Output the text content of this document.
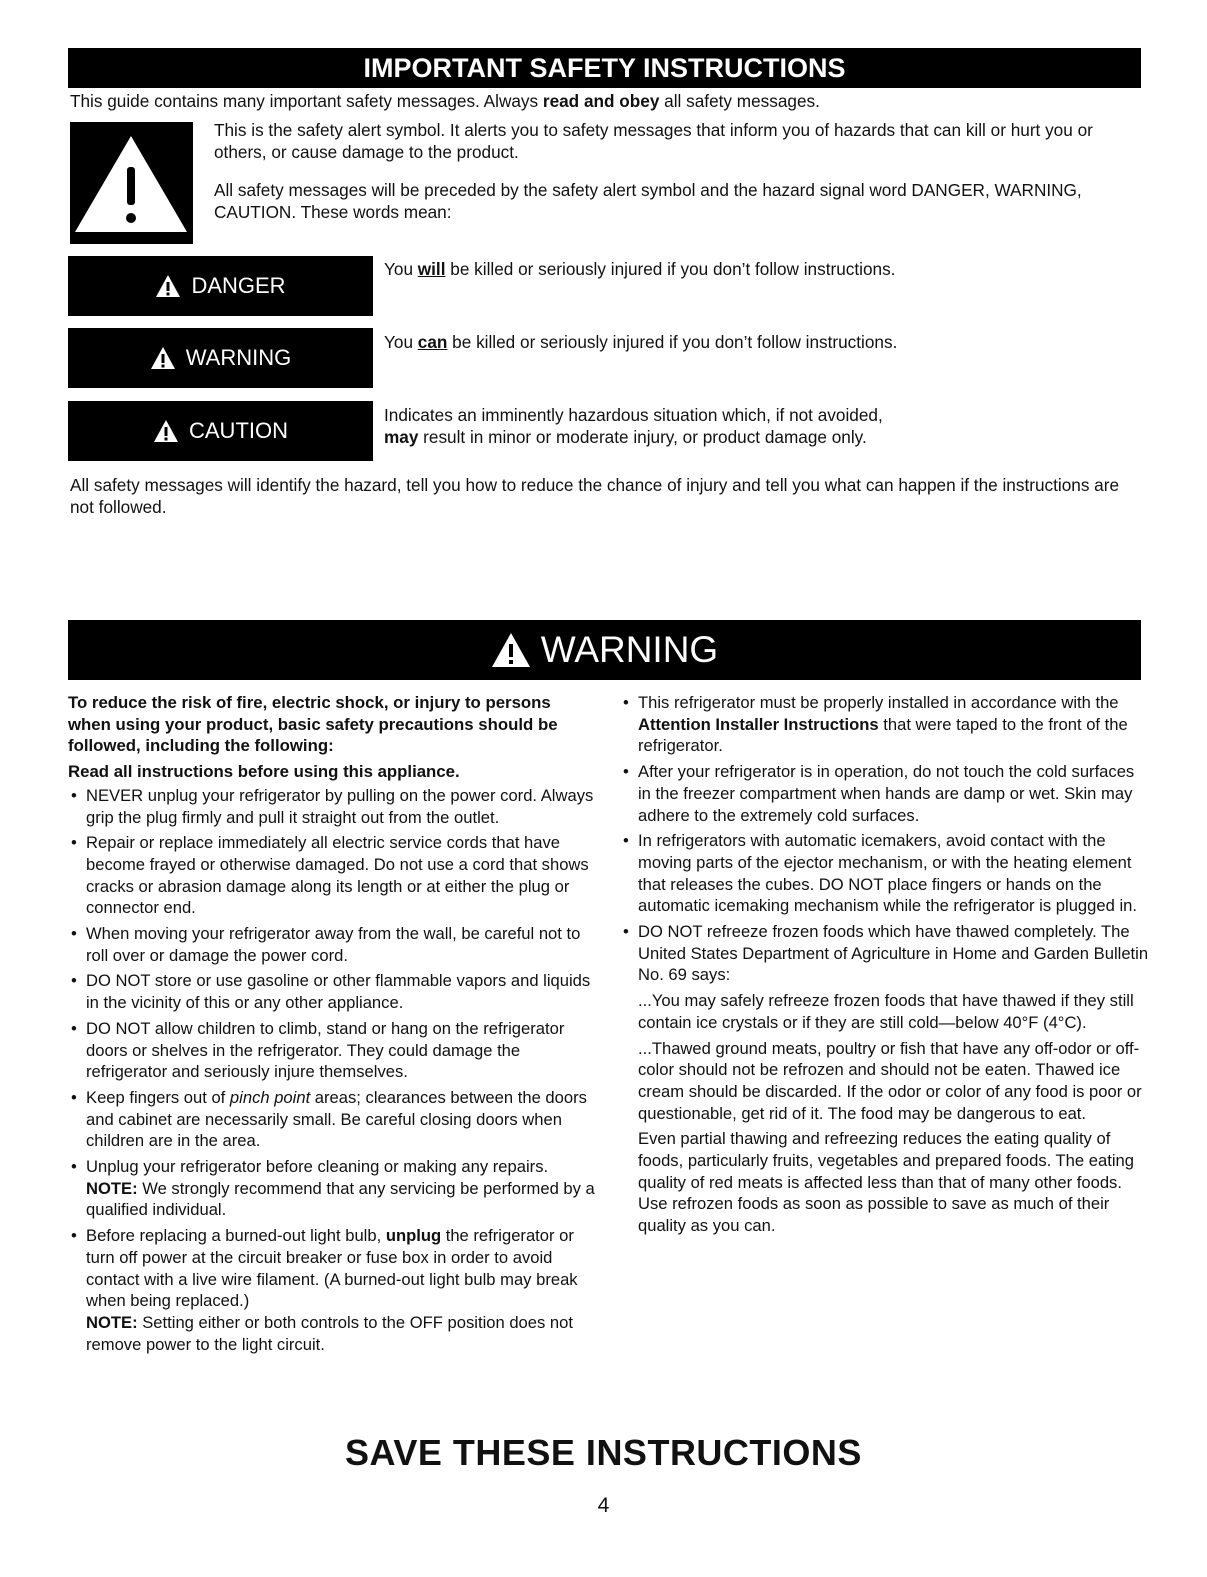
IMPORTANT SAFETY INSTRUCTIONS
This guide contains many important safety messages. Always read and obey all safety messages.
This is the safety alert symbol. It alerts you to safety messages that inform you of hazards that can kill or hurt you or others, or cause damage to the product.
All safety messages will be preceded by the safety alert symbol and the hazard signal word DANGER, WARNING, CAUTION. These words mean:
DANGER
You will be killed or seriously injured if you don’t follow instructions.
WARNING
You can be killed or seriously injured if you don’t follow instructions.
CAUTION
Indicates an imminently hazardous situation which, if not avoided,
may result in minor or moderate injury, or product damage only.
All safety messages will identify the hazard, tell you how to reduce the chance of injury and tell you what can happen if the instructions are not followed.
WARNING
To reduce the risk of fire, electric shock, or injury to persons when using your product, basic safety precautions should be followed, including the following:
Read all instructions before using this appliance.
• NEVER unplug your refrigerator by pulling on the power cord. Always grip the plug firmly and pull it straight out from the outlet.
• Repair or replace immediately all electric service cords that have become frayed or otherwise damaged. Do not use a cord that shows cracks or abrasion damage along its length or at either the plug or connector end.
• When moving your refrigerator away from the wall, be careful not to roll over or damage the power cord.
• DO NOT store or use gasoline or other flammable vapors and liquids in the vicinity of this or any other appliance.
• DO NOT allow children to climb, stand or hang on the refrigerator doors or shelves in the refrigerator. They could damage the refrigerator and seriously injure themselves.
• Keep fingers out of pinch point areas; clearances between the doors and cabinet are necessarily small. Be careful closing doors when children are in the area.
• Unplug your refrigerator before cleaning or making any repairs.
NOTE: We strongly recommend that any servicing be performed by a qualified individual.
• Before replacing a burned-out light bulb, unplug the refrigerator or turn off power at the circuit breaker or fuse box in order to avoid contact with a live wire filament. (A burned-out light bulb may break when being replaced.)
NOTE: Setting either or both controls to the OFF position does not remove power to the light circuit.
• This refrigerator must be properly installed in accordance with the Attention Installer Instructions that were taped to the front of the refrigerator.
• After your refrigerator is in operation, do not touch the cold surfaces in the freezer compartment when hands are damp or wet. Skin may adhere to the extremely cold surfaces.
• In refrigerators with automatic icemakers, avoid contact with the moving parts of the ejector mechanism, or with the heating element that releases the cubes. DO NOT place fingers or hands on the automatic icemaking mechanism while the refrigerator is plugged in.
• DO NOT refreeze frozen foods which have thawed completely. The United States Department of Agriculture in Home and Garden Bulletin No. 69 says:
...You may safely refreeze frozen foods that have thawed if they still contain ice crystals or if they are still cold—below 40°F (4°C).
...Thawed ground meats, poultry or fish that have any off-odor or off-color should not be refrozen and should not be eaten. Thawed ice cream should be discarded. If the odor or color of any food is poor or questionable, get rid of it. The food may be dangerous to eat.
Even partial thawing and refreezing reduces the eating quality of foods, particularly fruits, vegetables and prepared foods. The eating quality of red meats is affected less than that of many other foods. Use refrozen foods as soon as possible to save as much of their quality as you can.
SAVE THESE INSTRUCTIONS
4
